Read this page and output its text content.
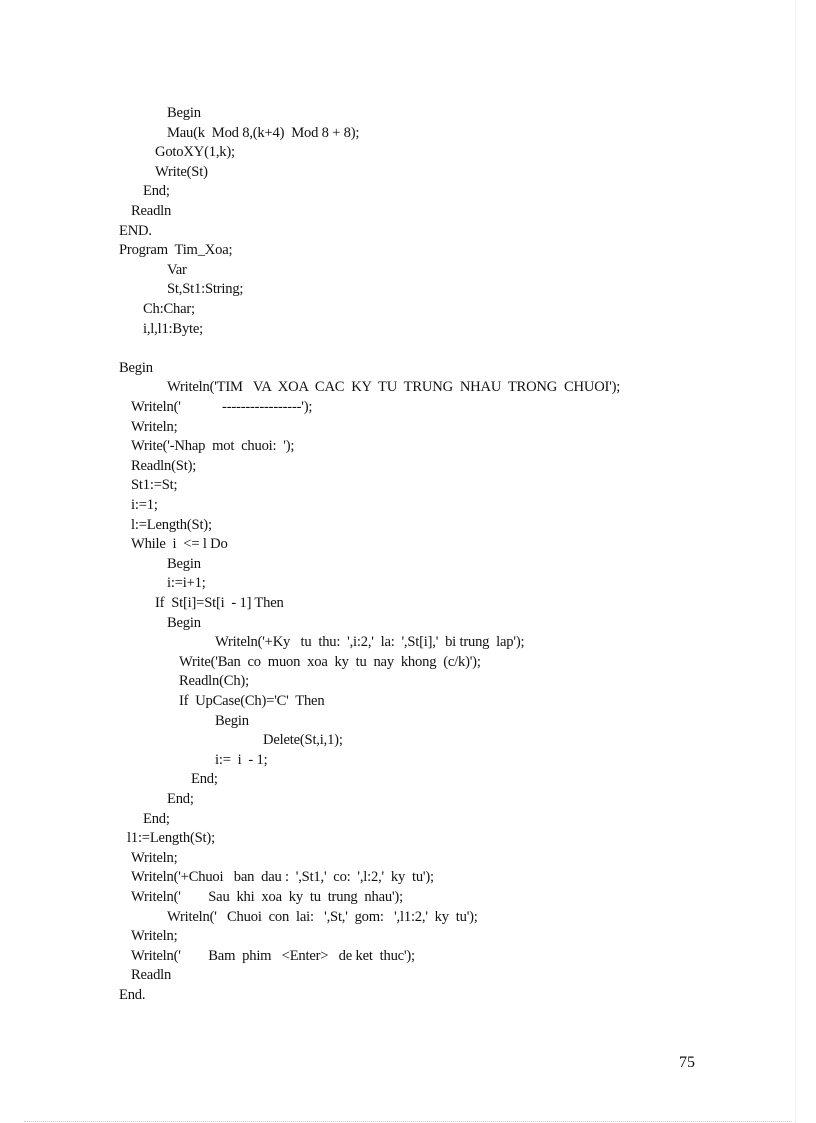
Begin
Mau(k  Mod 8,(k+4)  Mod 8 + 8);
GotoXY(1,k);
Write(St)
End;
Readln
END.
Program  Tim_Xoa;
Var
St,St1:String;
Ch:Char;
i,l,l1:Byte;
Begin
Writeln('TIM   VA  XOA  CAC  KY  TU  TRUNG  NHAU  TRONG  CHUOI');
Writeln('            -----------------');
Writeln;
Write('-Nhap  mot  chuoi:  ');
Readln(St);
St1:=St;
i:=1;
l:=Length(St);
While  i  <= l Do
Begin
i:=i+1;
If  St[i]=St[i  - 1] Then
Begin
Writeln('+Ky   tu  thu:  ',i:2,'  la:  ',St[i],'  bi trung  lap');
Write('Ban  co  muon  xoa  ky  tu  nay  khong  (c/k)');
Readln(Ch);
If  UpCase(Ch)='C'  Then
Begin
Delete(St,i,1);
i:=  i  - 1;
End;
End;
End;
l1:=Length(St);
Writeln;
Writeln('+Chuoi   ban  dau :  ',St1,'  co:  ',l:2,'  ky  tu');
Writeln('        Sau  khi  xoa  ky  tu  trung  nhau');
Writeln('   Chuoi  con  lai:   ',St,'  gom:   ',l1:2,'  ky  tu');
Writeln;
Writeln('        Bam  phim   <Enter>   de ket  thuc');
Readln
End.
75
